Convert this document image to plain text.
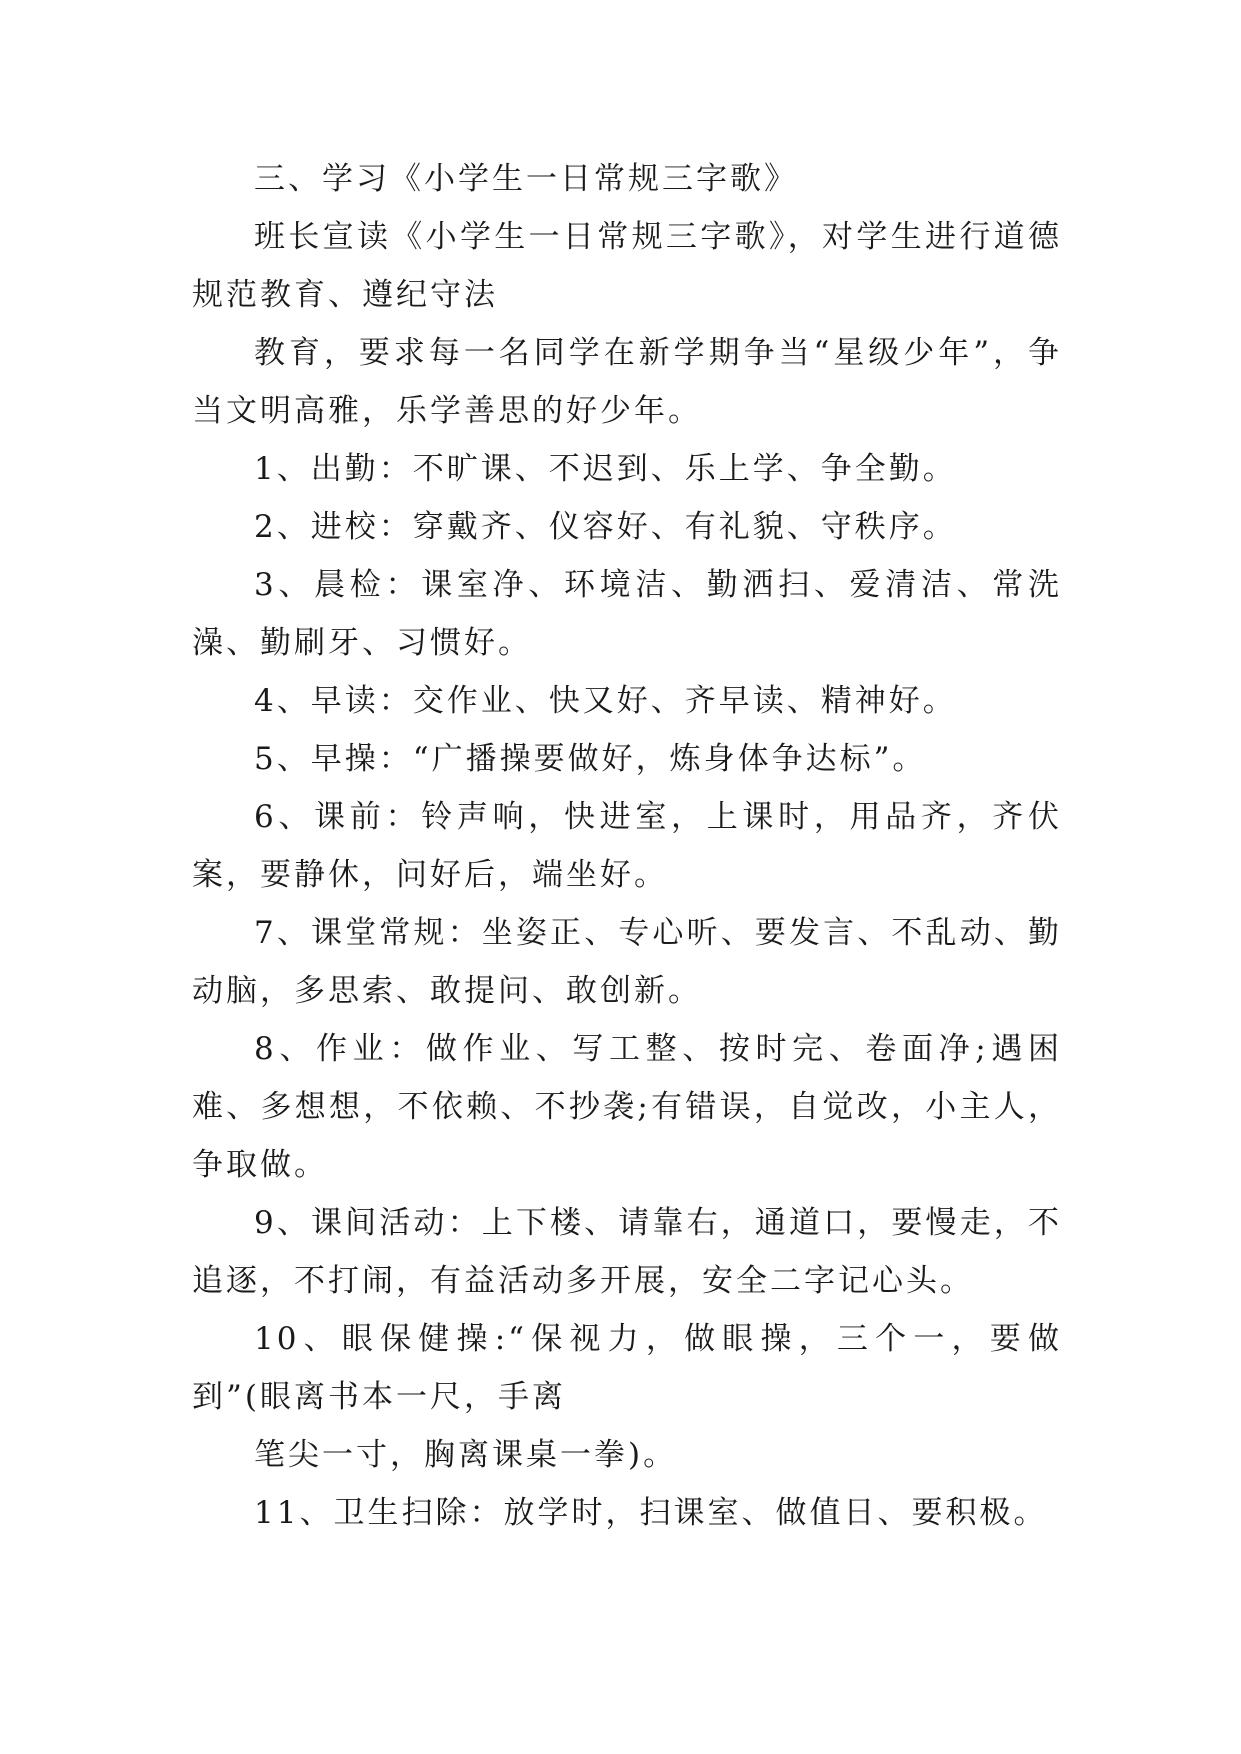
三、学习《小学生一日常规三字歌》

班长宣读《小学生一日常规三字歌》，对学生进行道德规范教育、遵纪守法

教育，要求每一名同学在新学期争当“星级少年”，争当文明高雅，乐学善思的好少年。

1、出勤：不旷课、不迟到、乐上学、争全勤。

2、进校：穿戴齐、仪容好、有礼貌、守秩序。

3、晨检：课室净、环境洁、勤洒扫、爱清洁、常洗澡、勤刷牙、习惯好。

4、早读：交作业、快又好、齐早读、精神好。

5、早操：“广播操要做好，炼身体争达标”。

6、课前：铃声响，快进室，上课时，用品齐，齐伏案，要静休，问好后，端坐好。

7、课堂常规：坐姿正、专心听、要发言、不乱动、勤动脑，多思索、敢提问、敢创新。

8、作业：做作业、写工整、按时完、卷面净;遇困难、多想想，不依赖、不抄袭;有错误，自觉改，小主人，争取做。

9、课间活动：上下楼、请靠右，通道口，要慢走，不追逐，不打闹，有益活动多开展，安全二字记心头。

10、眼保健操:“保视力，做眼操，三个一，要做到”(眼离书本一尺，手离

笔尖一寸，胸离课桌一拳)。

11、卫生扫除：放学时，扫课室、做值日、要积极。
